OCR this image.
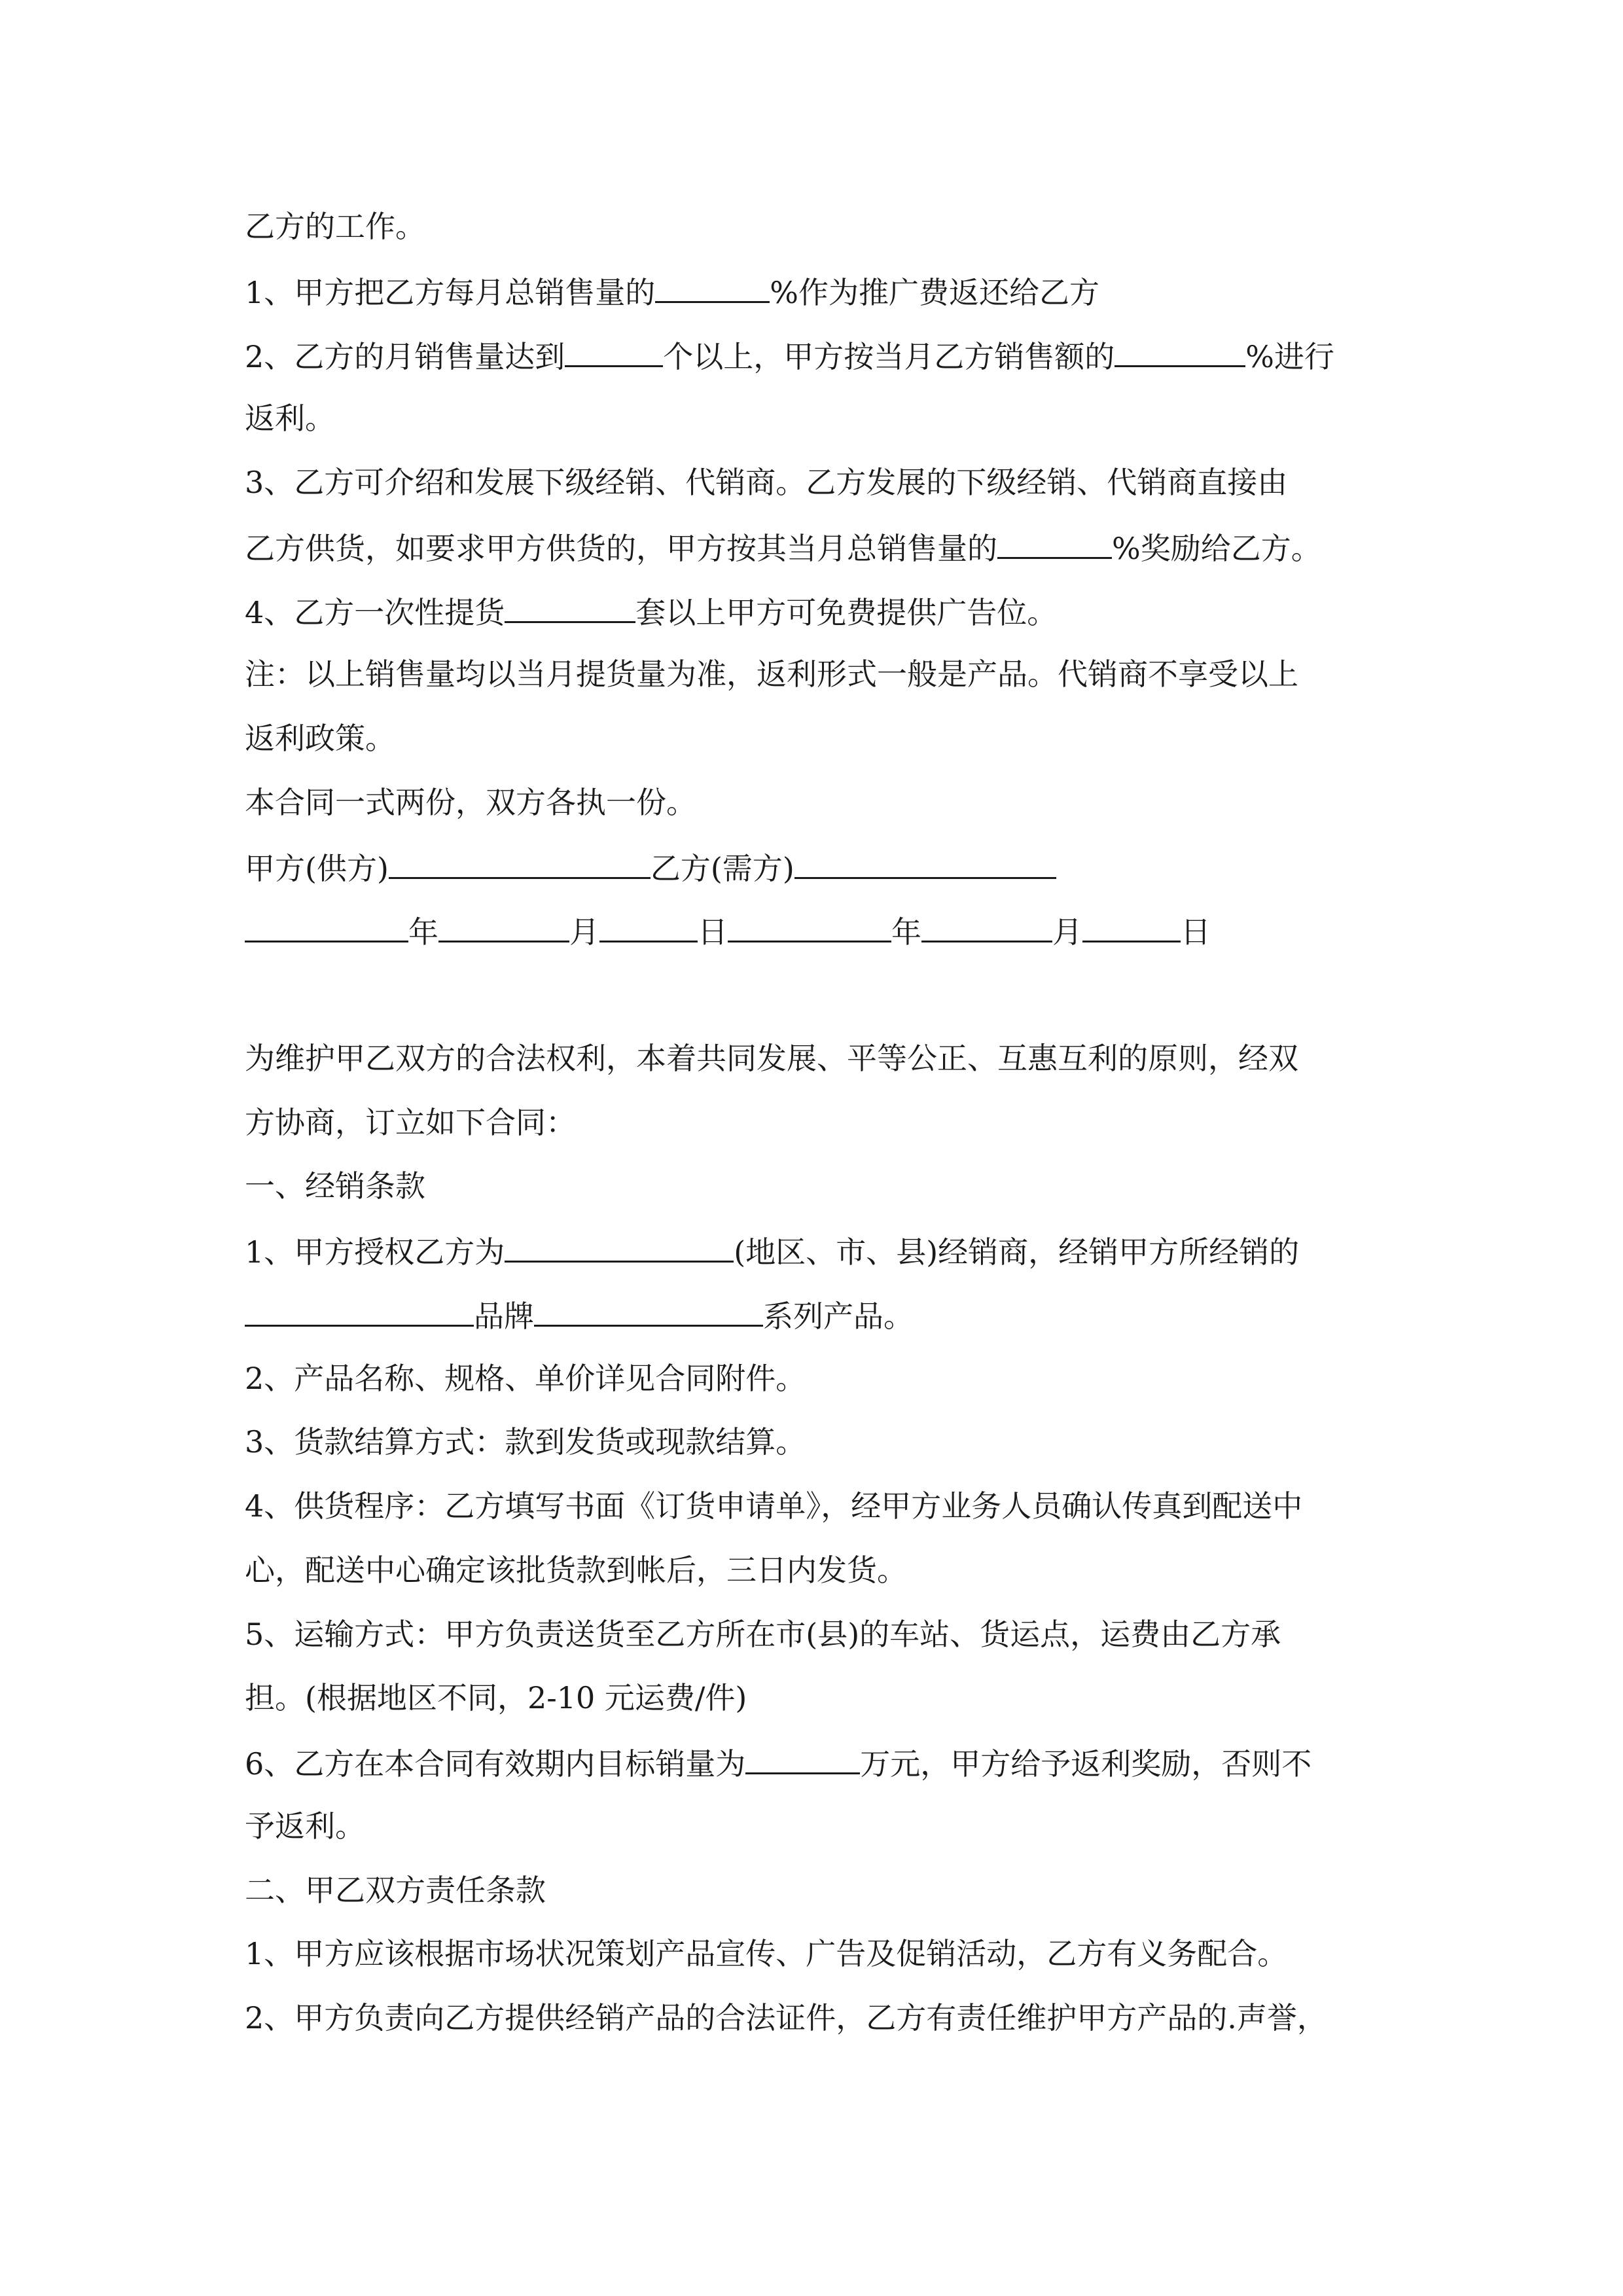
乙方的工作。

1、甲方把乙方每月总销售量的	%作为推广费返还给乙方

2、乙方的月销售量达到	个以上，甲方按当月乙方销售额的	%进行

返利。

3、乙方可介绍和发展下级经销、代销商。乙方发展的下级经销、代销商直接由

乙方供货，如要求甲方供货的，甲方按其当月总销售量的	%奖励给乙方。

4、乙方一次性提货	套以上甲方可免费提供广告位。

注：以上销售量均以当月提货量为准，返利形式一般是产品。代销商不享受以上

返利政策。

本合同一式两份，双方各执一份。

甲方(供方)	乙方(需方)

年	月	日	年	月	日

为维护甲乙双方的合法权利，本着共同发展、平等公正、互惠互利的原则，经双

方协商，订立如下合同：

一、经销条款

1、甲方授权乙方为	(地区、市、县)经销商，经销甲方所经销的

品牌	系列产品。

2、产品名称、规格、单价详见合同附件。

3、货款结算方式：款到发货或现款结算。

4、供货程序：乙方填写书面《订货申请单》，经甲方业务人员确认传真到配送中

心，配送中心确定该批货款到帐后，三日内发货。

5、运输方式：甲方负责送货至乙方所在市(县)的车站、货运点，运费由乙方承

担。(根据地区不同，2-10 元运费/件)

6、乙方在本合同有效期内目标销量为	万元，甲方给予返利奖励，否则不

予返利。

二、甲乙双方责任条款

1、甲方应该根据市场状况策划产品宣传、广告及促销活动，乙方有义务配合。

2、甲方负责向乙方提供经销产品的合法证件，乙方有责任维护甲方产品的.声誉，
